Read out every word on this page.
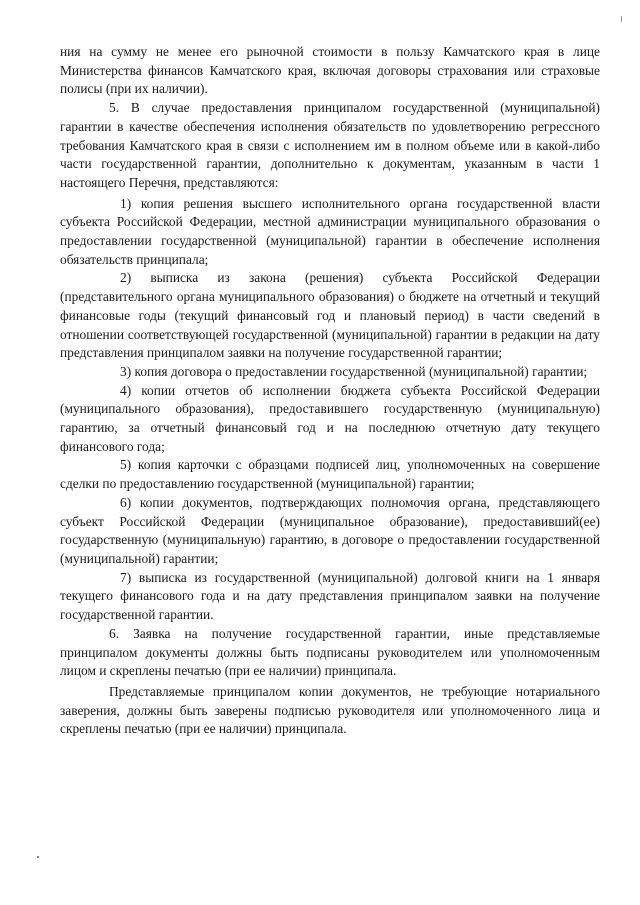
ния на сумму не менее его рыночной стоимости в пользу Камчатского края в лице Министерства финансов Камчатского края, включая договоры страхования или страховые полисы (при их наличии).

5. В случае предоставления принципалом государственной (муниципальной) гарантии в качестве обеспечения исполнения обязательств по удовлетворению регрессного требования Камчатского края в связи с исполнением им в полном объеме или в какой-либо части государственной гарантии, дополнительно к документам, указанным в части 1 настоящего Перечня, представляются:

1) копия решения высшего исполнительного органа государственной власти субъекта Российской Федерации, местной администрации муниципального образования о предоставлении государственной (муниципальной) гарантии в обеспечение исполнения обязательств принципала;

2) выписка из закона (решения) субъекта Российской Федерации (представительного органа муниципального образования) о бюджете на отчетный и текущий финансовые годы (текущий финансовый год и плановый период) в части сведений в отношении соответствующей государственной (муниципальной) гарантии в редакции на дату представления принципалом заявки на получение государственной гарантии;

3) копия договора о предоставлении государственной (муниципальной) гарантии;

4) копии отчетов об исполнении бюджета субъекта Российской Федерации (муниципального образования), предоставившего государственную (муниципальную) гарантию, за отчетный финансовый год и на последнюю отчетную дату текущего финансового года;

5) копия карточки с образцами подписей лиц, уполномоченных на совершение сделки по предоставлению государственной (муниципальной) гарантии;

6) копии документов, подтверждающих полномочия органа, представляющего субъект Российской Федерации (муниципальное образование), предоставивший(ее) государственную (муниципальную) гарантию, в договоре о предоставлении государственной (муниципальной) гарантии;

7) выписка из государственной (муниципальной) долговой книги на 1 января текущего финансового года и на дату представления принципалом заявки на получение государственной гарантии.

6. Заявка на получение государственной гарантии, иные представляемые принципалом документы должны быть подписаны руководителем или уполномоченным лицом и скреплены печатью (при ее наличии) принципала.

Представляемые принципалом копии документов, не требующие нотариального заверения, должны быть заверены подписью руководителя или уполномоченного лица и скреплены печатью (при ее наличии) принципала.
